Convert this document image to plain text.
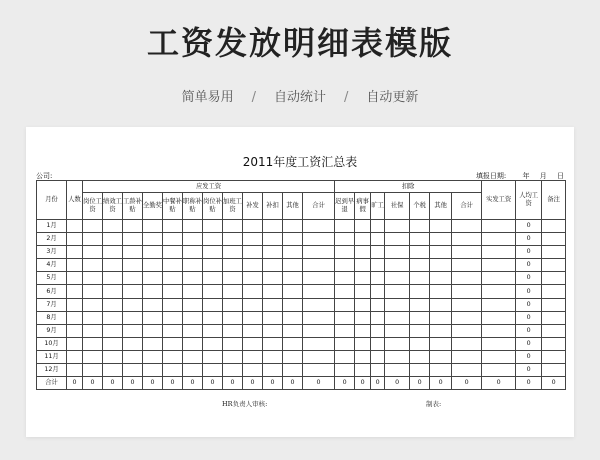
工资发放明细表模版
简单易用 / 自动统计 / 自动更新
2011年度工资汇总表
公司:	填报日期: 年 月 日
月份	人数	应发工资												扣除							实发工资	人均工资	备注	
		岗位工资	绩效工资	工龄补贴	全勤奖	中餐补贴	职称补贴	岗位补贴	加班工资	补发	补扣	其他	合计	迟到早退	病事假	旷工	社保	个税	其他	合计				
1月																						0		
2月																						0		
3月																						0		
4月																						0		
5月																						0		
6月																						0		
7月																						0		
8月																						0		
9月																						0		
10月																						0		
11月																						0		
12月																						0		
合计	0	0	0	0	0	0	0	0	0	0	0	0	0	0	0	0	0	0	0	0	0	0	0	
HR负责人审核:	制表:
